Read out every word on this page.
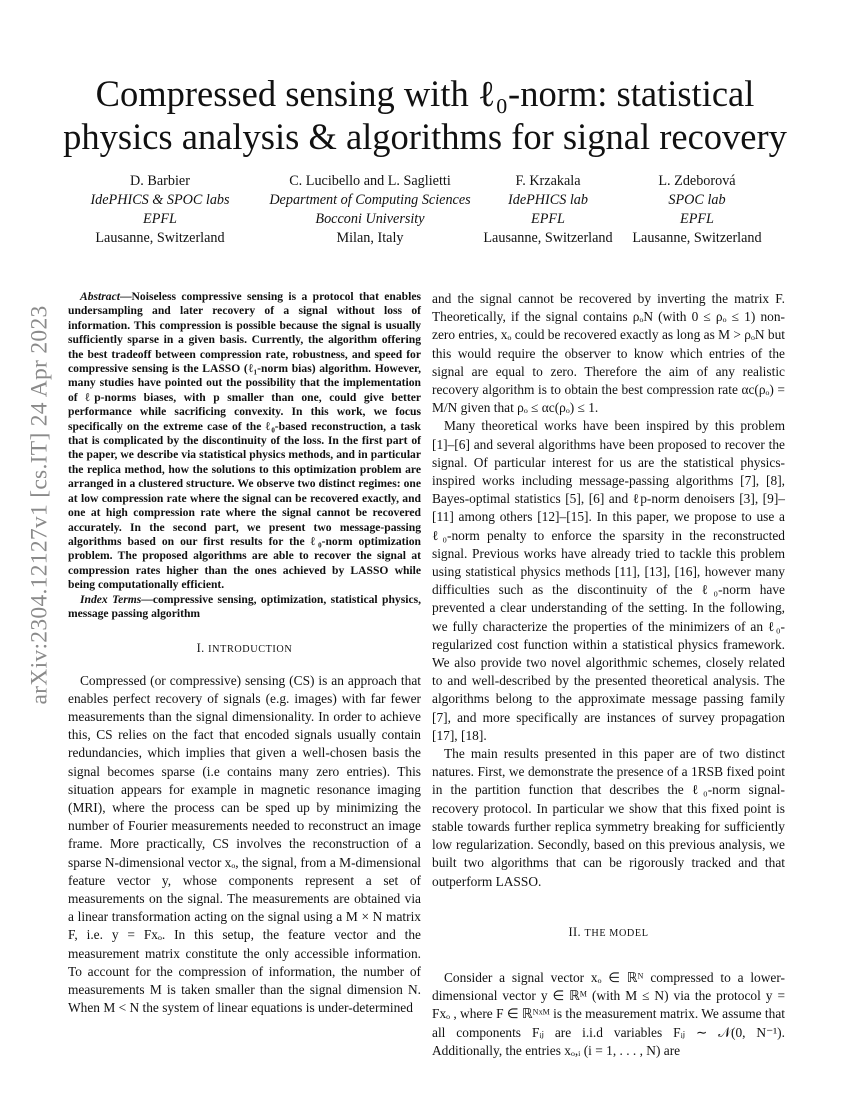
arXiv:2304.12127v1 [cs.IT] 24 Apr 2023
Compressed sensing with ℓ₀-norm: statistical
physics analysis & algorithms for signal recovery
D. Barbier
IdePHICS & SPOC labs
EPFL
Lausanne, Switzerland
C. Lucibello and L. Saglietti
Department of Computing Sciences
Bocconi University
Milan, Italy
F. Krzakala
IdePHICS lab
EPFL
Lausanne, Switzerland
L. Zdeborová
SPOC lab
EPFL
Lausanne, Switzerland

Abstract—Noiseless compressive sensing is a protocol that enables undersampling and later recovery of a signal without loss of information. This compression is possible because the signal is usually sufficiently sparse in a given basis. Currently, the algorithm offering the best tradeoff between compression rate, robustness, and speed for compressive sensing is the LASSO (ℓ₁-norm bias) algorithm. However, many studies have pointed out the possibility that the implementation of ℓp-norms biases, with p smaller than one, could give better performance while sacrificing convexity. In this work, we focus specifically on the extreme case of the ℓ₀-based reconstruction, a task that is complicated by the discontinuity of the loss. In the first part of the paper, we describe via statistical physics methods, and in particular the replica method, how the solutions to this optimization problem are arranged in a clustered structure. We observe two distinct regimes: one at low compression rate where the signal can be recovered exactly, and one at high compression rate where the signal cannot be recovered accurately. In the second part, we present two message-passing algorithms based on our first results for the ℓ₀-norm optimization problem. The proposed algorithms are able to recover the signal at compression rates higher than the ones achieved by LASSO while being computationally efficient.

Index Terms—compressive sensing, optimization, statistical physics, message passing algorithm

I. INTRODUCTION

Compressed (or compressive) sensing (CS) is an approach that enables perfect recovery of signals (e.g. images) with far fewer measurements than the signal dimensionality. In order to achieve this, CS relies on the fact that encoded signals usually contain redundancies, which implies that given a well-chosen basis the signal becomes sparse (i.e contains many zero entries). This situation appears for example in magnetic resonance imaging (MRI), where the process can be sped up by minimizing the number of Fourier measurements needed to reconstruct an image frame. More practically, CS involves the reconstruction of a sparse N-dimensional vector xₒ, the signal, from a M-dimensional feature vector y, whose components represent a set of measurements on the signal. The measurements are obtained via a linear transformation acting on the signal using a M × N matrix F, i.e. y = Fxₒ. In this setup, the feature vector and the measurement matrix constitute the only accessible information. To account for the compression of information, the number of measurements M is taken smaller than the signal dimension N. When M < N the system of linear equations is under-determined

and the signal cannot be recovered by inverting the matrix F. Theoretically, if the signal contains ρₒN (with 0 ≤ ρₒ ≤ 1) non-zero entries, xₒ could be recovered exactly as long as M > ρₒN but this would require the observer to know which entries of the signal are equal to zero. Therefore the aim of any realistic recovery algorithm is to obtain the best compression rate αc(ρₒ) = M/N given that ρₒ ≤ αc(ρₒ) ≤ 1.

Many theoretical works have been inspired by this problem [1]–[6] and several algorithms have been proposed to recover the signal. Of particular interest for us are the statistical physics-inspired works including message-passing algorithms [7], [8], Bayes-optimal statistics [5], [6] and ℓp-norm denoisers [3], [9]–[11] among others [12]–[15]. In this paper, we propose to use a ℓ₀-norm penalty to enforce the sparsity in the reconstructed signal. Previous works have already tried to tackle this problem using statistical physics methods [11], [13], [16], however many difficulties such as the discontinuity of the ℓ₀-norm have prevented a clear understanding of the setting. In the following, we fully characterize the properties of the minimizers of an ℓ₀-regularized cost function within a statistical physics framework. We also provide two novel algorithmic schemes, closely related to and well-described by the presented theoretical analysis. The algorithms belong to the approximate message passing family [7], and more specifically are instances of survey propagation [17], [18].

The main results presented in this paper are of two distinct natures. First, we demonstrate the presence of a 1RSB fixed point in the partition function that describes the ℓ₀-norm signal-recovery protocol. In particular we show that this fixed point is stable towards further replica symmetry breaking for sufficiently low regularization. Secondly, based on this previous analysis, we built two algorithms that can be rigorously tracked and that outperform LASSO.

II. THE MODEL

Consider a signal vector xₒ ∈ ℝᴺ compressed to a lower-dimensional vector y ∈ ℝᴹ (with M ≤ N) via the protocol y = Fxₒ , where F ∈ ℝᴺˣᴹ is the measurement matrix. We assume that all components Fᵢⱼ are i.i.d variables Fᵢⱼ ∼ 𝒩(0, N⁻¹). Additionally, the entries xₒ,ᵢ (i = 1, . . . , N) are
